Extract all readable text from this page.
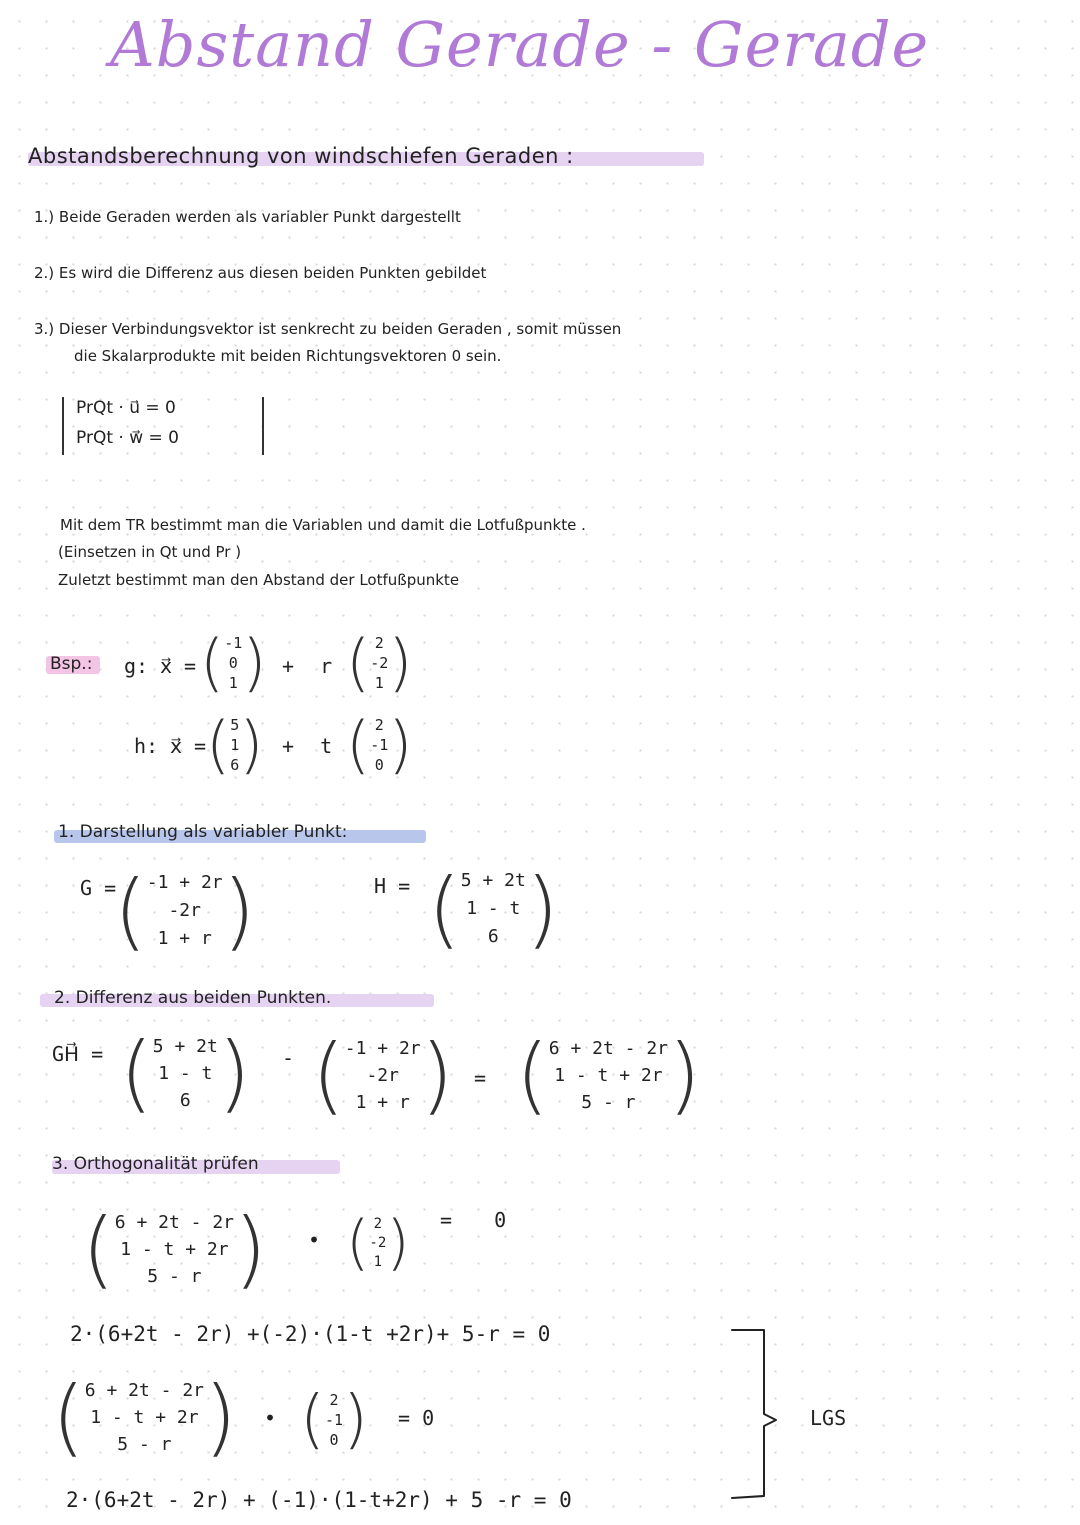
Abstand Gerade - Gerade
Abstandsberechnung von windschiefen Geraden :
1.) Beide Geraden werden als variabler Punkt dargestellt
2.) Es wird die Differenz aus diesen beiden Punkten gebildet
3.) Dieser Verbindungsvektor ist senkrecht zu beiden Geraden , somit müssen
die Skalarprodukte mit beiden Richtungsvektoren 0 sein.
PrQt · u⃗ = 0
PrQt · w⃗ = 0
Mit dem TR bestimmt man die Variablen und damit die Lotfußpunkte .
(Einsetzen in Qt und Pr )
Zuletzt bestimmt man den Abstand der Lotfußpunkte
Bsp.: g: x⃗ = ( -1
0
1 ) + r ( 2
-2
1 )
h: x⃗ = ( 5
1
6 ) + t ( 2
-1
0 )
1. Darstellung als variabler Punkt:
G =
( -1 + 2r
-2r
1 + r )	H = ( 5 + 2t
1 - t
6 )
2. Differenz aus beiden Punkten.
GH⃗ = ( 5 + 2t
1 - t
6 ) - ( -1 + 2r
-2r
1 + r ) = ( 6 + 2t - 2r
1 - t + 2r
5 - r )
3. Orthogonalität prüfen
( 6 + 2t - 2r
1 - t + 2r
5 - r ) • ( 2
-2
1 ) = 0
2·(6+2t - 2r) +(-2)·(1-t +2r)+ 5-r = 0
( 6 + 2t - 2r
1 - t + 2r
5 - r ) • ( 2
-1
0 ) = 0
2·(6+2t - 2r) + (-1)·(1-t+2r) + 5 -r = 0
LGS
